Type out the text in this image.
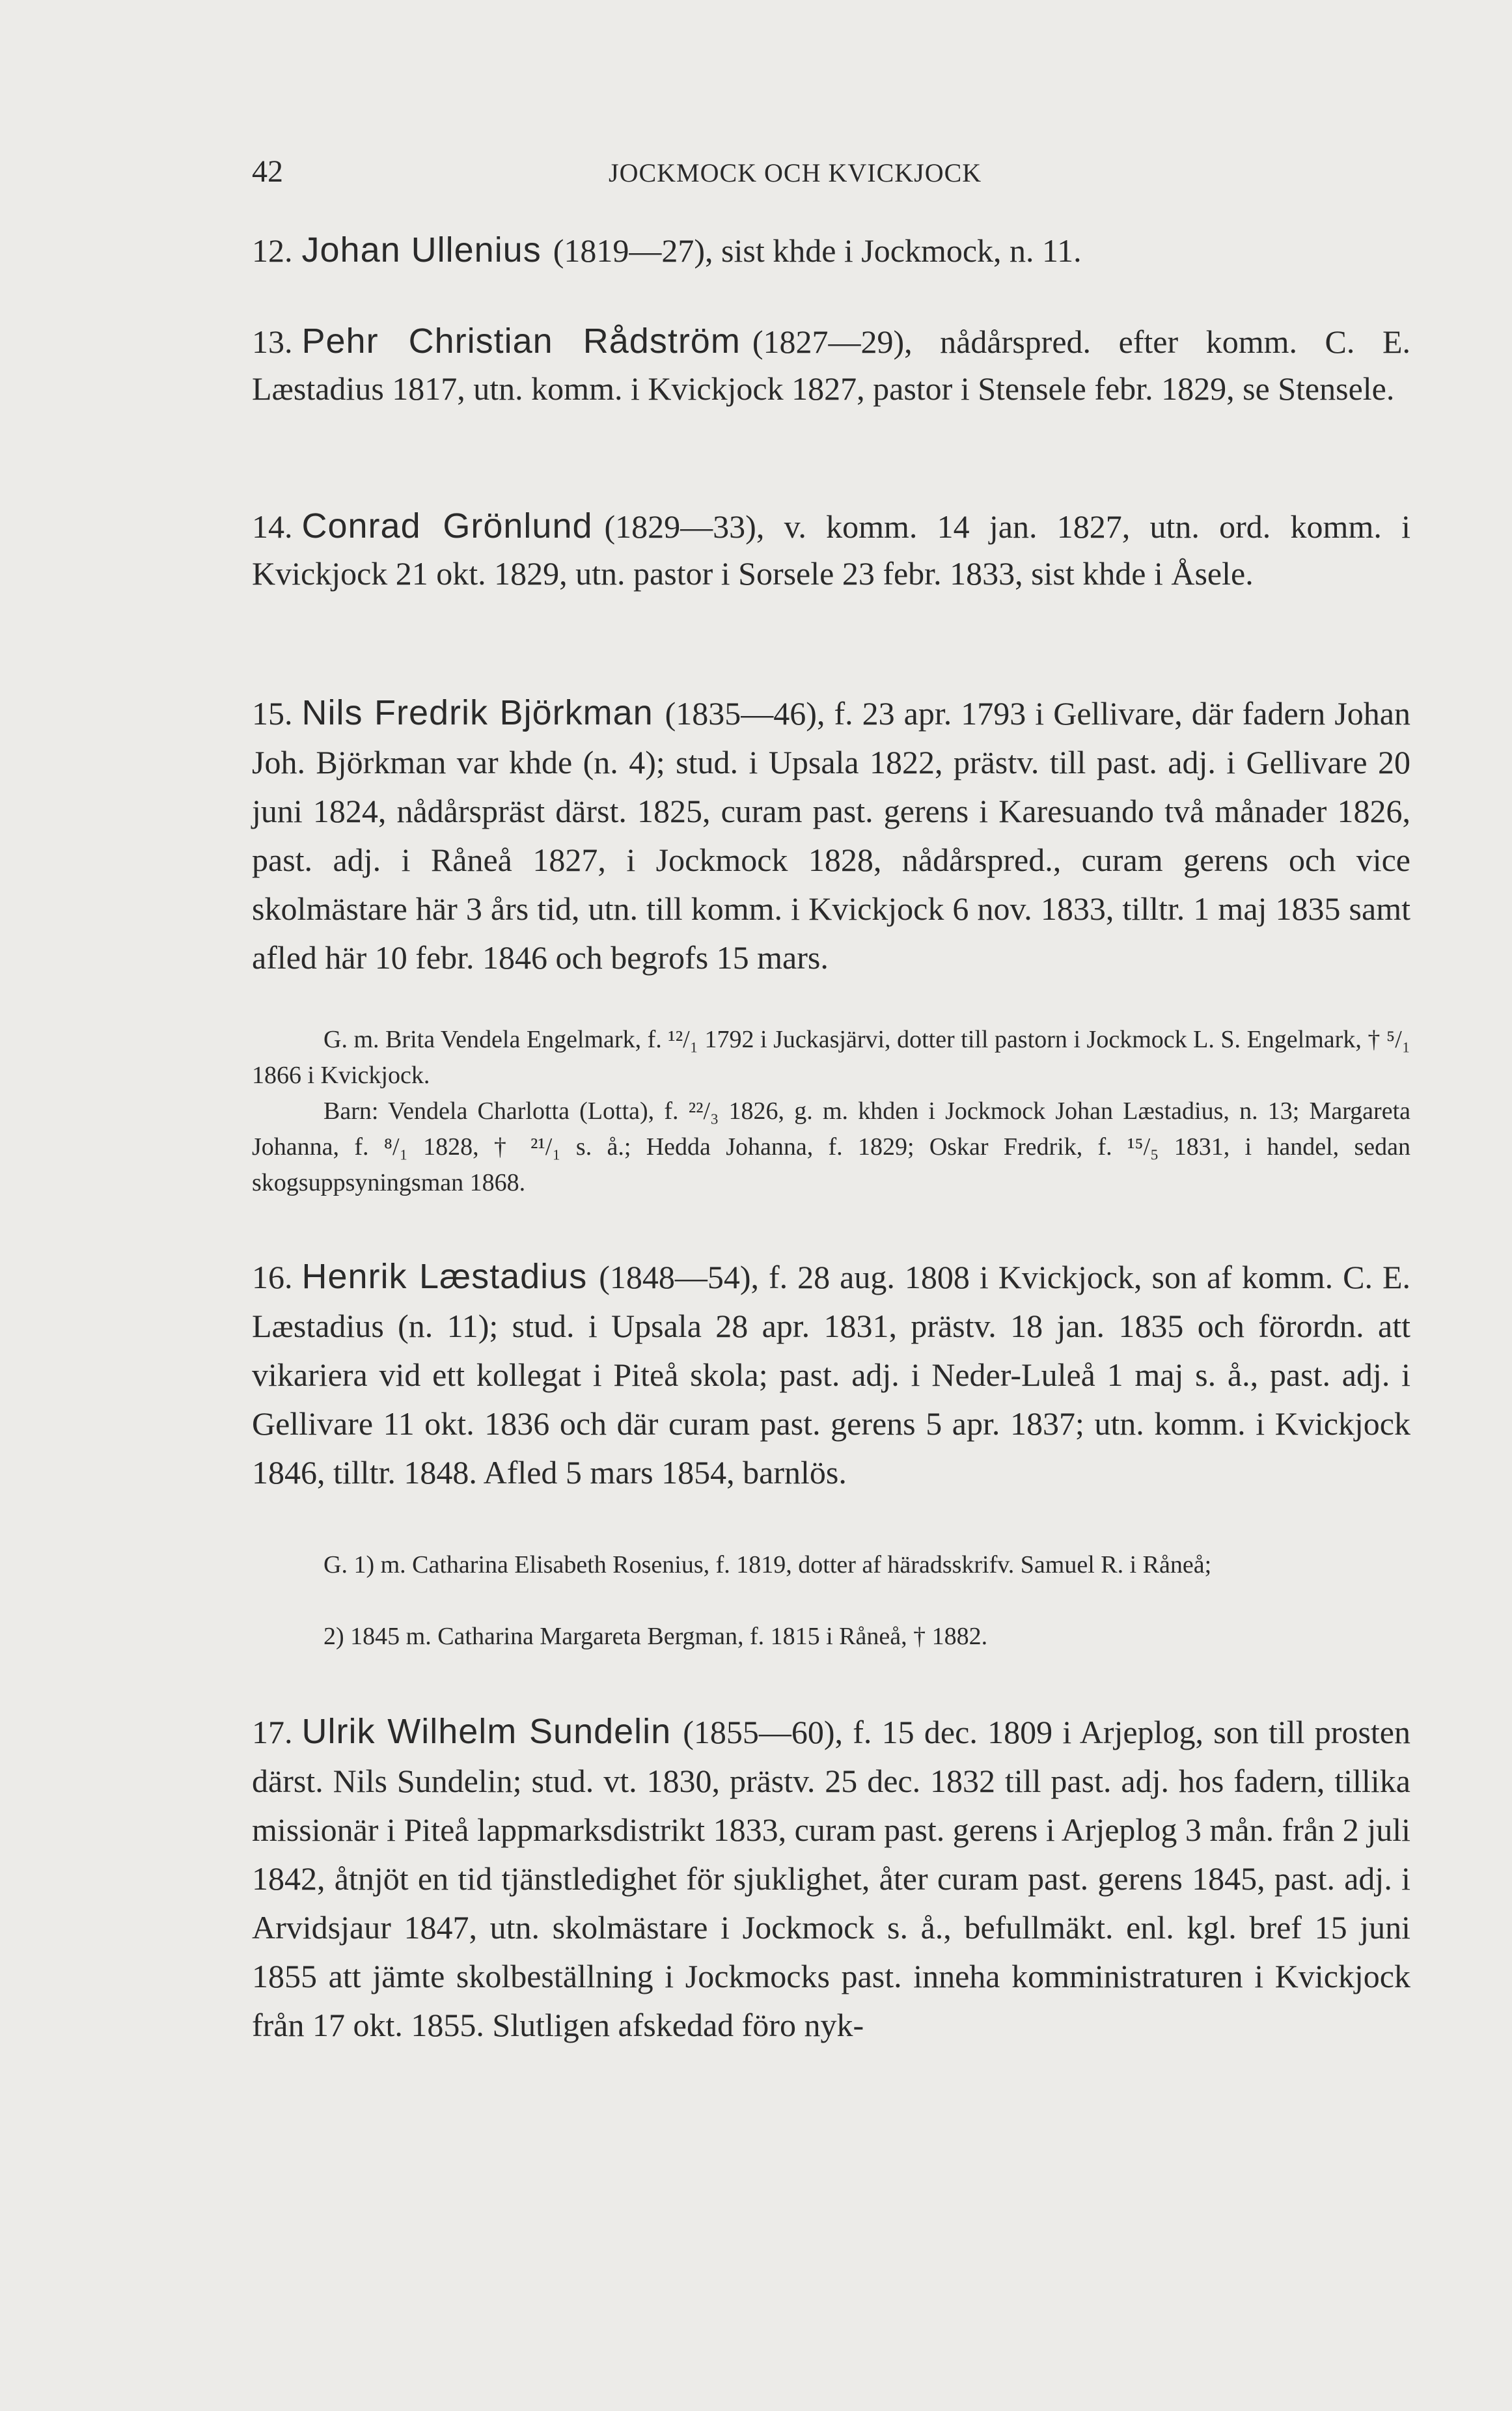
42	JOCKMOCK OCH KVICKJOCK

12. Johan Ullenius (1819—27), sist khde i Jockmock, n. 11.

13. Pehr Christian Rådström (1827—29), nådårspred. efter komm. C. E. Læstadius 1817, utn. komm. i Kvickjock 1827, pastor i Stensele febr. 1829, se Stensele.

14. Conrad Grönlund (1829—33), v. komm. 14 jan. 1827, utn. ord. komm. i Kvickjock 21 okt. 1829, utn. pastor i Sorsele 23 febr. 1833, sist khde i Åsele.

15. Nils Fredrik Björkman (1835—46), f. 23 apr. 1793 i Gellivare, där fadern Johan Joh. Björkman var khde (n. 4); stud. i Upsala 1822, prästv. till past. adj. i Gellivare 20 juni 1824, nådårspräst därst. 1825, curam past. gerens i Karesuando två månader 1826, past. adj. i Råneå 1827, i Jockmock 1828, nådårspred., curam gerens och vice skolmästare här 3 års tid, utn. till komm. i Kvickjock 6 nov. 1833, tilltr. 1 maj 1835 samt afled här 10 febr. 1846 och begrofs 15 mars.

G. m. Brita Vendela Engelmark, f. ¹²/₁ 1792 i Juckasjärvi, dotter till pastorn i Jockmock L. S. Engelmark, † ⁵/₁ 1866 i Kvickjock.

Barn: Vendela Charlotta (Lotta), f. ²²/₃ 1826, g. m. khden i Jockmock Johan Læstadius, n. 13; Margareta Johanna, f. ⁸/₁ 1828, † ²¹/₁ s. å.; Hedda Johanna, f. 1829; Oskar Fredrik, f. ¹⁵/₅ 1831, i handel, sedan skogsuppsyningsman 1868.

16. Henrik Læstadius (1848—54), f. 28 aug. 1808 i Kvickjock, son af komm. C. E. Læstadius (n. 11); stud. i Upsala 28 apr. 1831, prästv. 18 jan. 1835 och förordn. att vikariera vid ett kollegat i Piteå skola; past. adj. i Neder-Luleå 1 maj s. å., past. adj. i Gellivare 11 okt. 1836 och där curam past. gerens 5 apr. 1837; utn. komm. i Kvickjock 1846, tilltr. 1848. Afled 5 mars 1854, barnlös.

G. 1) m. Catharina Elisabeth Rosenius, f. 1819, dotter af häradsskrifv. Samuel R. i Råneå;

2) 1845 m. Catharina Margareta Bergman, f. 1815 i Råneå, † 1882.

17. Ulrik Wilhelm Sundelin (1855—60), f. 15 dec. 1809 i Arjeplog, son till prosten därst. Nils Sundelin; stud. vt. 1830, prästv. 25 dec. 1832 till past. adj. hos fadern, tillika missionär i Piteå lappmarksdistrikt 1833, curam past. gerens i Arjeplog 3 mån. från 2 juli 1842, åtnjöt en tid tjänstledighet för sjuklighet, åter curam past. gerens 1845, past. adj. i Arvidsjaur 1847, utn. skolmästare i Jockmock s. å., befullmäkt. enl. kgl. bref 15 juni 1855 att jämte skolbeställning i Jockmocks past. inneha komministraturen i Kvickjock från 17 okt. 1855. Slutligen afskedad föro nyk-
